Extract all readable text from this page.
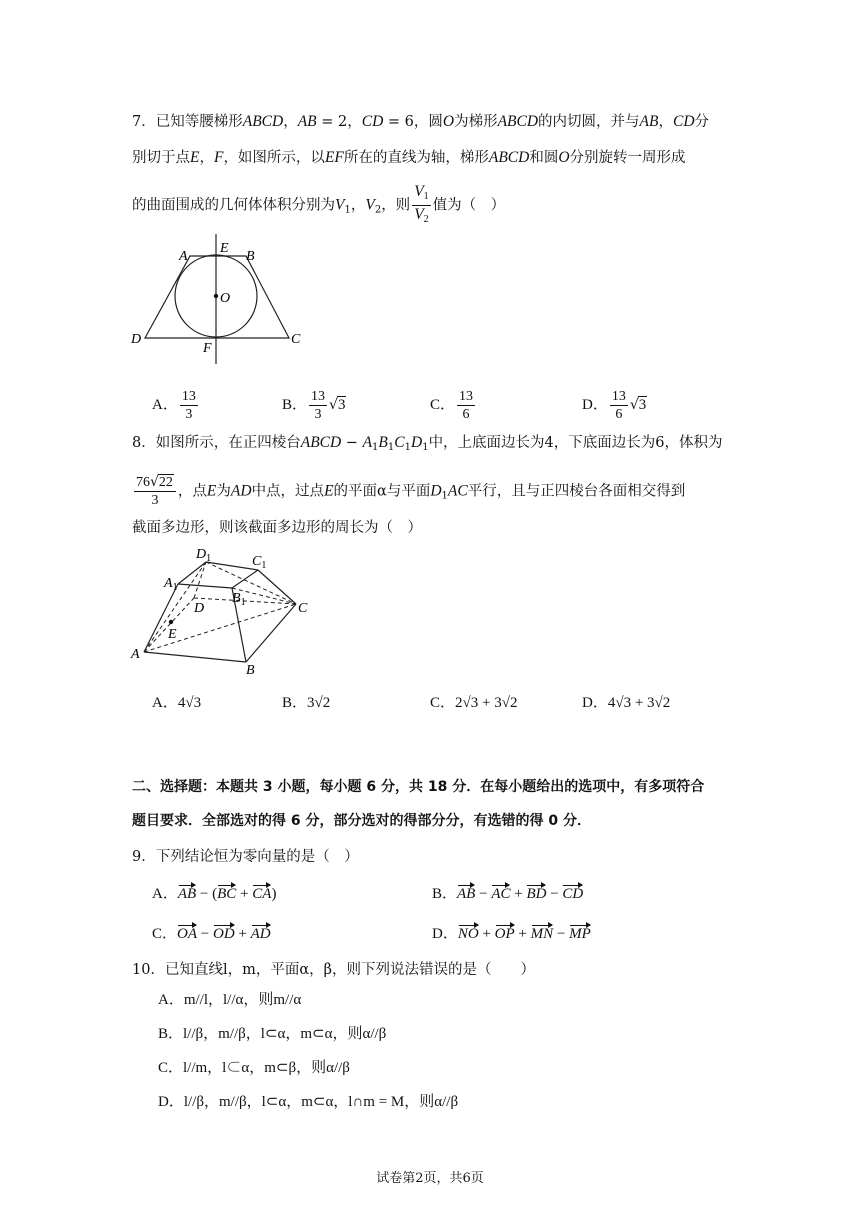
7．已知等腰梯形ABCD，AB = 2，CD = 6，圆O为梯形ABCD的内切圆，并与AB，CD分
别切于点E，F，如图所示，以EF所在的直线为轴，梯形ABCD和圆O分别旋转一周形成
的曲面围成的几何体体积分别为$V_1$，$V_2$，则 $\frac{V_1}{V_2}$ 值为（　）
A
E
B
O
D
F
C
A． $\frac{13}{3}$	B． $\frac{13}{3} √3$	C． $\frac{13}{6}$	D． $\frac{13}{6} √3$
8．如图所示，在正四棱台ABCD − $A_1B_1C_1D_1$中，上底面边长为4，下底面边长为6，体积为
$\frac{76√22}{3}$ ，点E为AD中点，过点E的平面α与平面$D_1AC$平行，且与正四棱台各面相交得到
截面多边形，则该截面多边形的周长为（　）
$D_1$	$C_1$
$A_1$
D
$B_1$	C
E
A
B
A．4√3	B．3√2	C．2√3 + 3√2	D．4√3 + 3√2
二、选择题：本题共 3 小题，每小题 6 分，共 18 分．在每小题给出的选项中，有多项符合
题目要求．全部选对的得 6 分，部分选对的得部分分，有选错的得 0 分．
9．下列结论恒为零向量的是（　）
A．AB − (BC + CA)	B．AB − AC + BD − CD
C．OA − OD + AD	D．NO + OP + MN − MP
10．已知直线l，m，平面α，β，则下列说法错误的是（　　）
A．m//l，l//α，则m//α
B．l//β，m//β，l⊂α，m⊂α，则α//β
C．l//m，l⊂α，m⊂β，则α//β
D．l//β，m//β，l⊂α，m⊂α，l∩m = M，则α//β
试卷第2页，共6页
